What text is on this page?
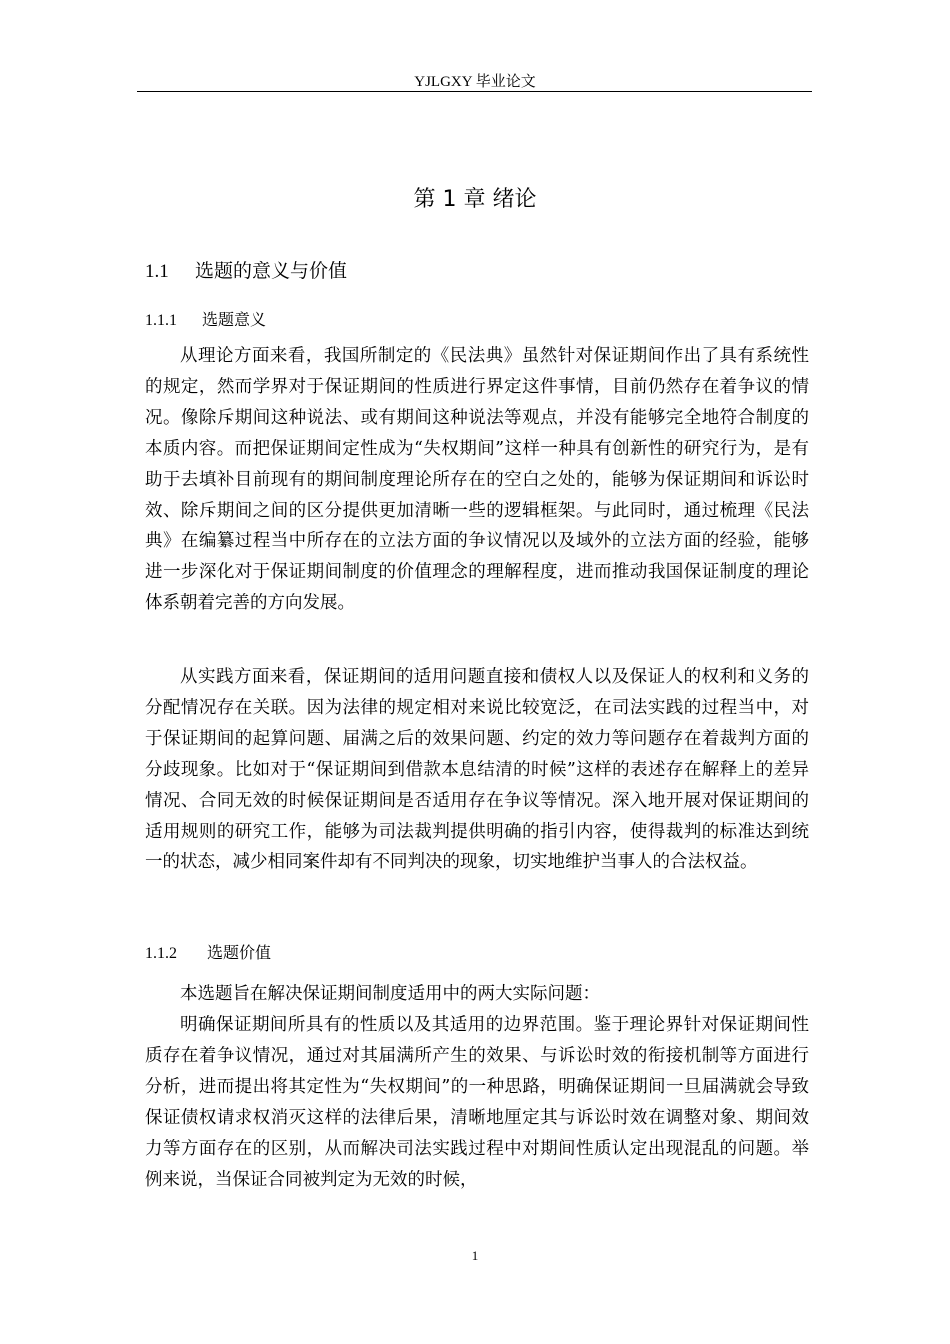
YJLGXY 毕业论文
第 1 章 绪论
1.1 选题的意义与价值
1.1.1 选题意义

从理论方面来看，我国所制定的《民法典》虽然针对保证期间作出了具有系统性的规定，然而学界对于保证期间的性质进行界定这件事情，目前仍然存在着争议的情况。像除斥期间这种说法、或有期间这种说法等观点，并没有能够完全地符合制度的本质内容。而把保证期间定性成为“失权期间”这样一种具有创新性的研究行为，是有助于去填补目前现有的期间制度理论所存在的空白之处的，能够为保证期间和诉讼时效、除斥期间之间的区分提供更加清晰一些的逻辑框架。与此同时，通过梳理《民法典》在编纂过程当中所存在的立法方面的争议情况以及域外的立法方面的经验，能够进一步深化对于保证期间制度的价值理念的理解程度，进而推动我国保证制度的理论体系朝着完善的方向发展。

从实践方面来看，保证期间的适用问题直接和债权人以及保证人的权利和义务的分配情况存在关联。因为法律的规定相对来说比较宽泛，在司法实践的过程当中，对于保证期间的起算问题、届满之后的效果问题、约定的效力等问题存在着裁判方面的分歧现象。比如对于“保证期间到借款本息结清的时候”这样的表述存在解释上的差异情况、合同无效的时候保证期间是否适用存在争议等情况。深入地开展对保证期间的适用规则的研究工作，能够为司法裁判提供明确的指引内容，使得裁判的标准达到统一的状态，减少相同案件却有不同判决的现象，切实地维护当事人的合法权益。

1.1.2 选题价值

本选题旨在解决保证期间制度适用中的两大实际问题：

明确保证期间所具有的性质以及其适用的边界范围。鉴于理论界针对保证期间性质存在着争议情况，通过对其届满所产生的效果、与诉讼时效的衔接机制等方面进行分析，进而提出将其定性为“失权期间”的一种思路，明确保证期间一旦届满就会导致保证债权请求权消灭这样的法律后果，清晰地厘定其与诉讼时效在调整对象、期间效力等方面存在的区别，从而解决司法实践过程中对期间性质认定出现混乱的问题。举例来说，当保证合同被判定为无效的时候，

1
